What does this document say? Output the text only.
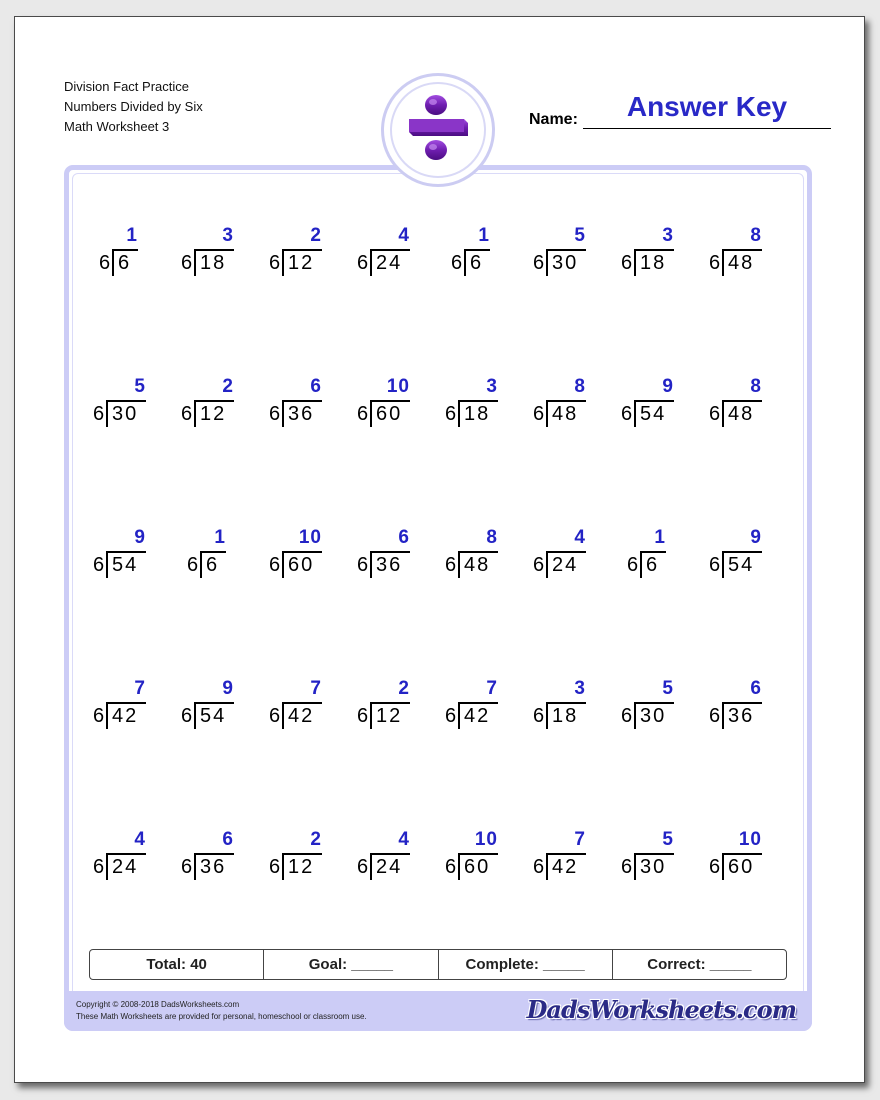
Division Fact Practice
Numbers Divided by Six
Math Worksheet 3	Name:	Answer Key
1
6 6
3
6 18
2
6 12
4
6 24
1
6 6
5
6 30
3
6 18
8
6 48
5
6 30
2
6 12
6
6 36
10
6 60
3
6 18
8
6 48
9
6 54
8
6 48
9
6 54
1
6 6
10
6 60
6
6 36
8
6 48
4
6 24
1
6 6
9
6 54
7
6 42
9
6 54
7
6 42
2
6 12
7
6 42
3
6 18
5
6 30
6
6 36
4
6 24
6
6 36
2
6 12
4
6 24
10
6 60
7
6 42
5
6 30
10
6 60
Total: 40	Goal: _____	Complete: _____	Correct: _____
Copyright © 2008-2018 DadsWorksheets.com
These Math Worksheets are provided for personal, homeschool or classroom use.	DadsWorksheets.com
